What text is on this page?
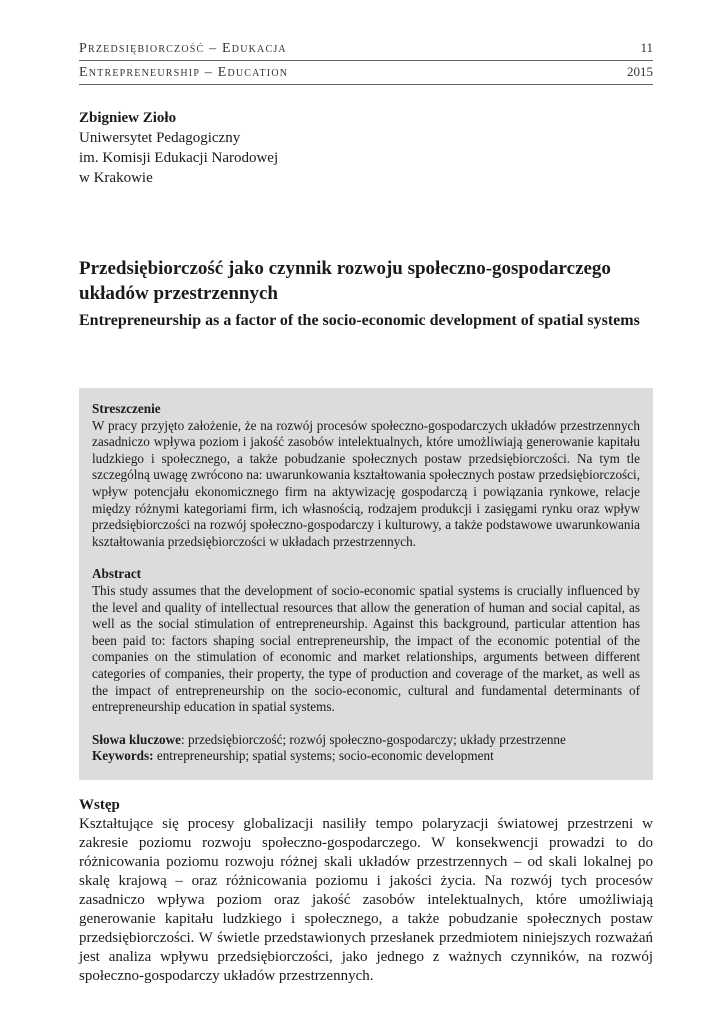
Przedsiębiorczość – Edukacja	11
Entrepreneurship – Education	2015
Zbigniew Zioło
Uniwersytet Pedagogiczny
im. Komisji Edukacji Narodowej
w Krakowie
Przedsiębiorczość jako czynnik rozwoju społeczno-gospodarczego układów przestrzennych
Entrepreneurship as a factor of the socio-economic development of spatial systems
Streszczenie

W pracy przyjęto założenie, że na rozwój procesów społeczno-gospodarczych układów przestrzennych zasadniczo wpływa poziom i jakość zasobów intelektualnych, które umożliwiają generowanie kapitału ludzkiego i społecznego, a także pobudzanie społecznych postaw przedsiębiorczości. Na tym tle szczególną uwagę zwrócono na: uwarunkowania kształtowania społecznych postaw przedsiębiorczości, wpływ potencjału ekonomicznego firm na aktywizację gospodarczą i powiązania rynkowe, relacje między różnymi kategoriami firm, ich własnością, rodzajem produkcji i zasięgami rynku oraz wpływ przedsiębiorczości na rozwój społeczno-gospodarczy i kulturowy, a także podstawowe uwarunkowania kształtowania przedsiębiorczości w układach przestrzennych.

Abstract

This study assumes that the development of socio-economic spatial systems is crucially influenced by the level and quality of intellectual resources that allow the generation of human and social capital, as well as the social stimulation of entrepreneurship. Against this background, particular attention has been paid to: factors shaping social entrepreneurship, the impact of the economic potential of the companies on the stimulation of economic and market relationships, arguments between different categories of companies, their property, the type of production and coverage of the market, as well as the impact of entrepreneurship on the socio-economic, cultural and fundamental determinants of entrepreneurship education in spatial systems.

Słowa kluczowe: przedsiębiorczość; rozwój społeczno-gospodarczy; układy przestrzenne

Keywords: entrepreneurship; spatial systems; socio-economic development

Wstęp

Kształtujące się procesy globalizacji nasiliły tempo polaryzacji światowej przestrzeni w zakresie poziomu rozwoju społeczno-gospodarczego. W konsekwencji prowadzi to do różnicowania poziomu rozwoju różnej skali układów przestrzennych – od skali lokalnej po skalę krajową – oraz różnicowania poziomu i jakości życia. Na rozwój tych procesów zasadniczo wpływa poziom oraz jakość zasobów intelektualnych, które umożliwiają generowanie kapitału ludzkiego i społecznego, a także pobudzanie społecznych postaw przedsiębiorczości. W świetle przedstawionych przesłanek przedmiotem niniejszych rozważań jest analiza wpływu przedsiębiorczości, jako jednego z ważnych czynników, na rozwój społeczno-gospodarczy układów przestrzennych.
